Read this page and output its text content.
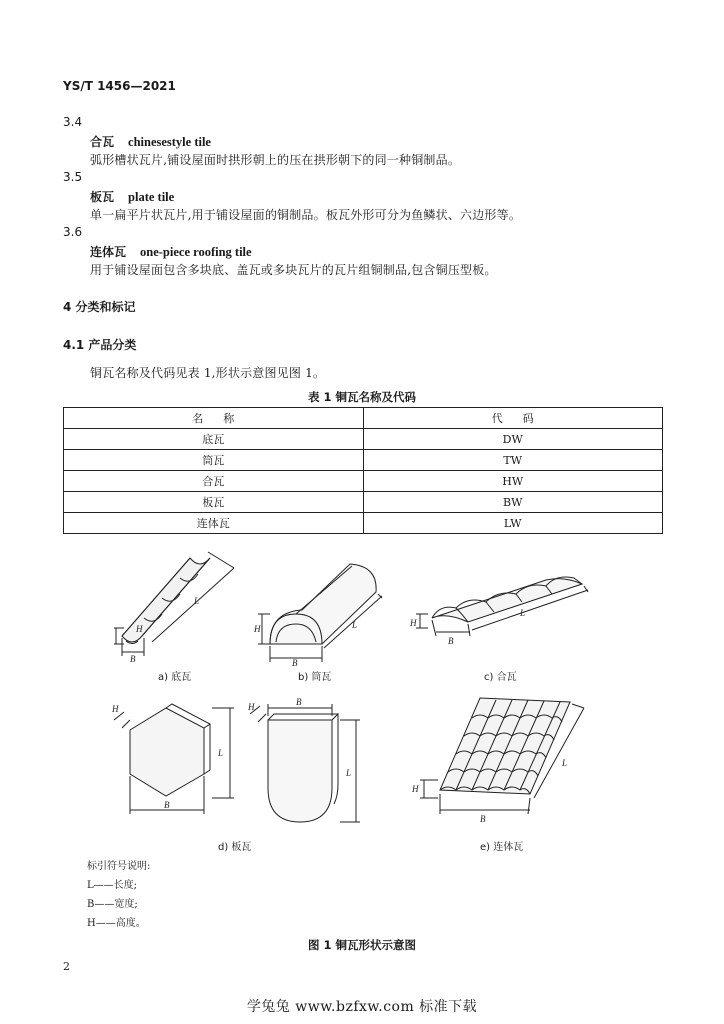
YS/T 1456—2021
3.4
合瓦 chinesestyle tile
弧形槽状瓦片,铺设屋面时拱形朝上的压在拱形朝下的同一种铜制品。
3.5
板瓦 plate tile
单一扁平片状瓦片,用于铺设屋面的铜制品。板瓦外形可分为鱼鳞状、六边形等。
3.6
连体瓦 one-piece roofing tile
用于铺设屋面包含多块底、盖瓦或多块瓦片的瓦片组铜制品,包含铜压型板。
4 分类和标记
4.1 产品分类
铜瓦名称及代码见表 1,形状示意图见图 1。
表 1 铜瓦名称及代码
名称	代码
底瓦	DW
筒瓦	TW
合瓦	HW
板瓦	BW
连体瓦	LW
B
H
L
a) 底瓦
H
B
L
b) 筒瓦
H
B
L
c) 合瓦
H
L
B
B
L
H
d) 板瓦
H
B
L
e) 连体瓦
标引符号说明:
L——长度;
B——宽度;
H——高度。
图 1 铜瓦形状示意图
2
学兔兔 www.bzfxw.com 标准下载
